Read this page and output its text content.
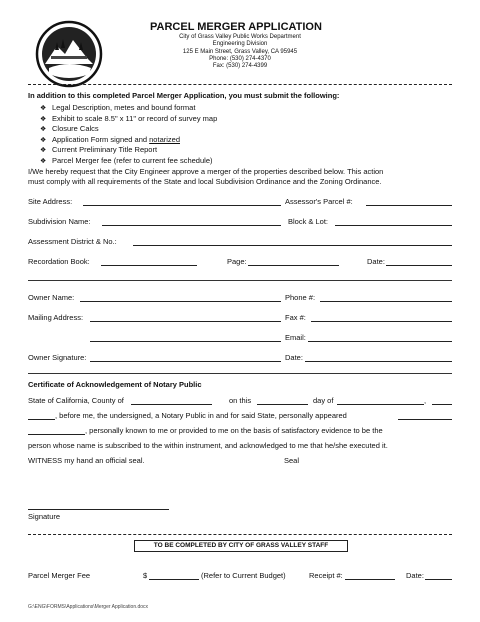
PARCEL MERGER APPLICATION
City of Grass Valley Public Works Department
Engineering Division
125 E Main Street, Grass Valley, CA 95945
Phone: (530) 274-4370
Fax: (530) 274-4399
In addition to this completed Parcel Merger Application, you must submit the following:
❖ Legal Description, metes and bound format
❖ Exhibit to scale 8.5" x 11" or record of survey map
❖ Closure Calcs
❖ Application Form signed and notarized
❖ Current Preliminary Title Report
❖ Parcel Merger fee (refer to current fee schedule)
I/We hereby request that the City Engineer approve a merger of the properties described below. This action
must comply with all requirements of the State and local Subdivision Ordinance and the Zoning Ordinance.
Site Address:	Assessor's Parcel #:
Subdivision Name:	Block & Lot:
Assessment District & No.:
Recordation Book:	Page:	Date:
Owner Name:	Phone #:
Mailing Address:	Fax #:
Email:
Owner Signature:	Date:
Certificate of Acknowledgement of Notary Public
State of California, County of	on this	day of	,
, before me, the undersigned, a Notary Public in and for said State, personally appeared
, personally known to me or provided to me on the basis of satisfactory evidence to be the
person whose name is subscribed to the within instrument, and acknowledged to me that he/she executed it.
WITNESS my hand an official seal.	Seal
Signature
TO BE COMPLETED BY CITY OF GRASS VALLEY STAFF
Parcel Merger Fee	$	(Refer to Current Budget)	Receipt #:	Date:
G:\ENG\FORMS\Applications\Merger Application.docx
